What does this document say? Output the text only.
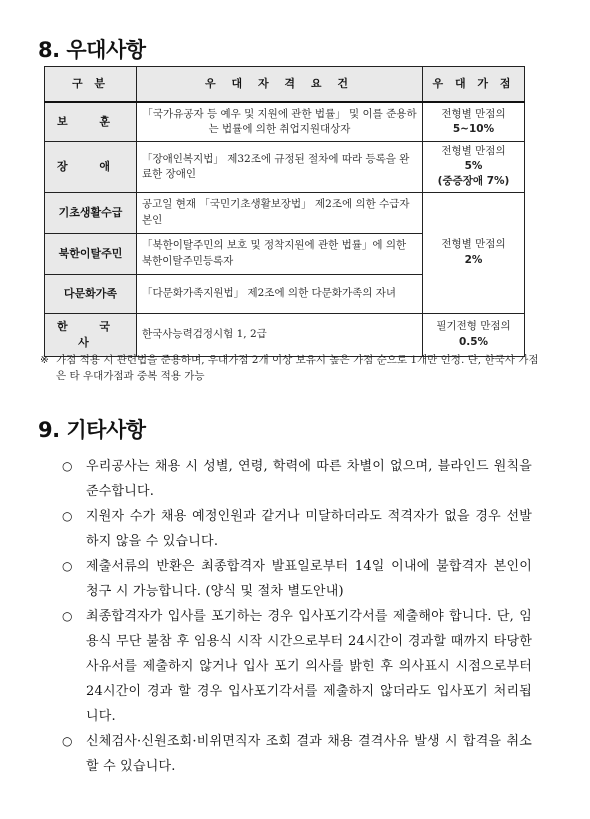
8. 우대사항
구 분	우 대 자 격 요 건	우 대 가 점
보 훈	「국가유공자 등 예우 및 지원에 관한 법률」 및 이를 준용하는 법률에 의한 취업지원대상자	전형별 만점의
5~10%

장 애	「장애인복지법」 제32조에 규정된 절차에 따라 등록을 완료한 장애인	전형별 만점의
5%
(중증장애 7%)

기초생활수급	공고일 현재 「국민기초생활보장법」 제2조에 의한 수급자 본인	전형별 만점의
2%

북한이탈주민	「북한이탈주민의 보호 및 정착지원에 관한 법률」에 의한 북한이탈주민등록자	
다문화가족	「다문화가족지원법」 제2조에 의한 다문화가족의 자녀	
한 국 사	한국사능력검정시험 1, 2급	필기전형 만점의
0.5%
※ 가점 적용 시 관련법을 준용하며, 우대가점 2개 이상 보유시 높은 가점 순으로 1개만 인정. 단, 한국사 가점은 타 우대가점과 중복 적용 가능
9. 기타사항
○ 우리공사는 채용 시 성별, 연령, 학력에 따른 차별이 없으며, 블라인드 원칙을 준수합니다.
○ 지원자 수가 채용 예정인원과 같거나 미달하더라도 적격자가 없을 경우 선발하지 않을 수 있습니다.
○ 제출서류의 반환은 최종합격자 발표일로부터 14일 이내에 불합격자 본인이 청구 시 가능합니다. (양식 및 절차 별도안내)
○ 최종합격자가 입사를 포기하는 경우 입사포기각서를 제출해야 합니다. 단, 임용식 무단 불참 후 임용식 시작 시간으로부터 24시간이 경과할 때까지 타당한 사유서를 제출하지 않거나 입사 포기 의사를 밝힌 후 의사표시 시점으로부터 24시간이 경과 할 경우 입사포기각서를 제출하지 않더라도 입사포기 처리됩니다.
○ 신체검사·신원조회·비위면직자 조회 결과 채용 결격사유 발생 시 합격을 취소할 수 있습니다.
